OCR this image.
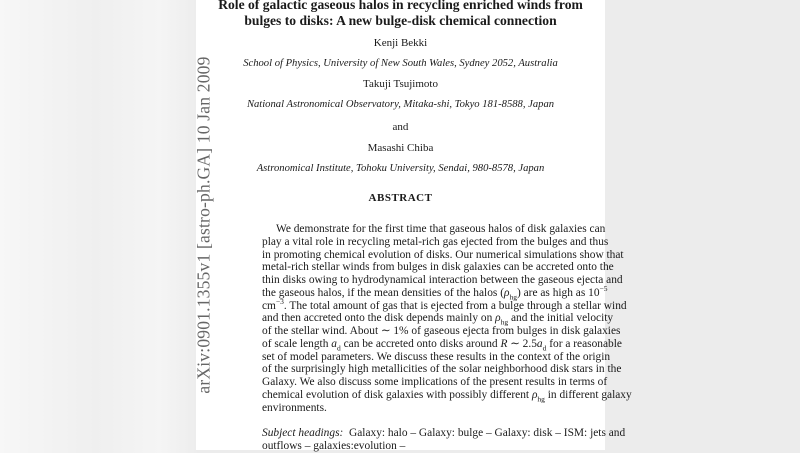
arXiv:0901.1355v1 [astro-ph.GA] 10 Jan 2009
Role of galactic gaseous halos in recycling enriched winds from
bulges to disks: A new bulge-disk chemical connection
Kenji Bekki
School of Physics, University of New South Wales, Sydney 2052, Australia
Takuji Tsujimoto
National Astronomical Observatory, Mitaka-shi, Tokyo 181-8588, Japan
and
Masashi Chiba
Astronomical Institute, Tohoku University, Sendai, 980-8578, Japan
ABSTRACT
We demonstrate for the first time that gaseous halos of disk galaxies can
play a vital role in recycling metal-rich gas ejected from the bulges and thus
in promoting chemical evolution of disks. Our numerical simulations show that
metal-rich stellar winds from bulges in disk galaxies can be accreted onto the
thin disks owing to hydrodynamical interaction between the gaseous ejecta and
the gaseous halos, if the mean densities of the halos $(\rho_{hg})$ are as high as $10^{-5}$
$cm^{-3}$. The total amount of gas that is ejected from a bulge through a stellar wind
and then accreted onto the disk depends mainly on $\rho_{hg}$ and the initial velocity
of the stellar wind. About ∼ 1% of gaseous ejecta from bulges in disk galaxies
of scale length $a_d$ can be accreted onto disks around R ∼ $2.5a_d$ for a reasonable
set of model parameters. We discuss these results in the context of the origin
of the surprisingly high metallicities of the solar neighborhood disk stars in the
Galaxy. We also discuss some implications of the present results in terms of
chemical evolution of disk galaxies with possibly different $\rho_{hg}$ in different galaxy
environments.
Subject headings:  Galaxy: halo – Galaxy: bulge – Galaxy: disk – ISM: jets and
outflows – galaxies:evolution –
